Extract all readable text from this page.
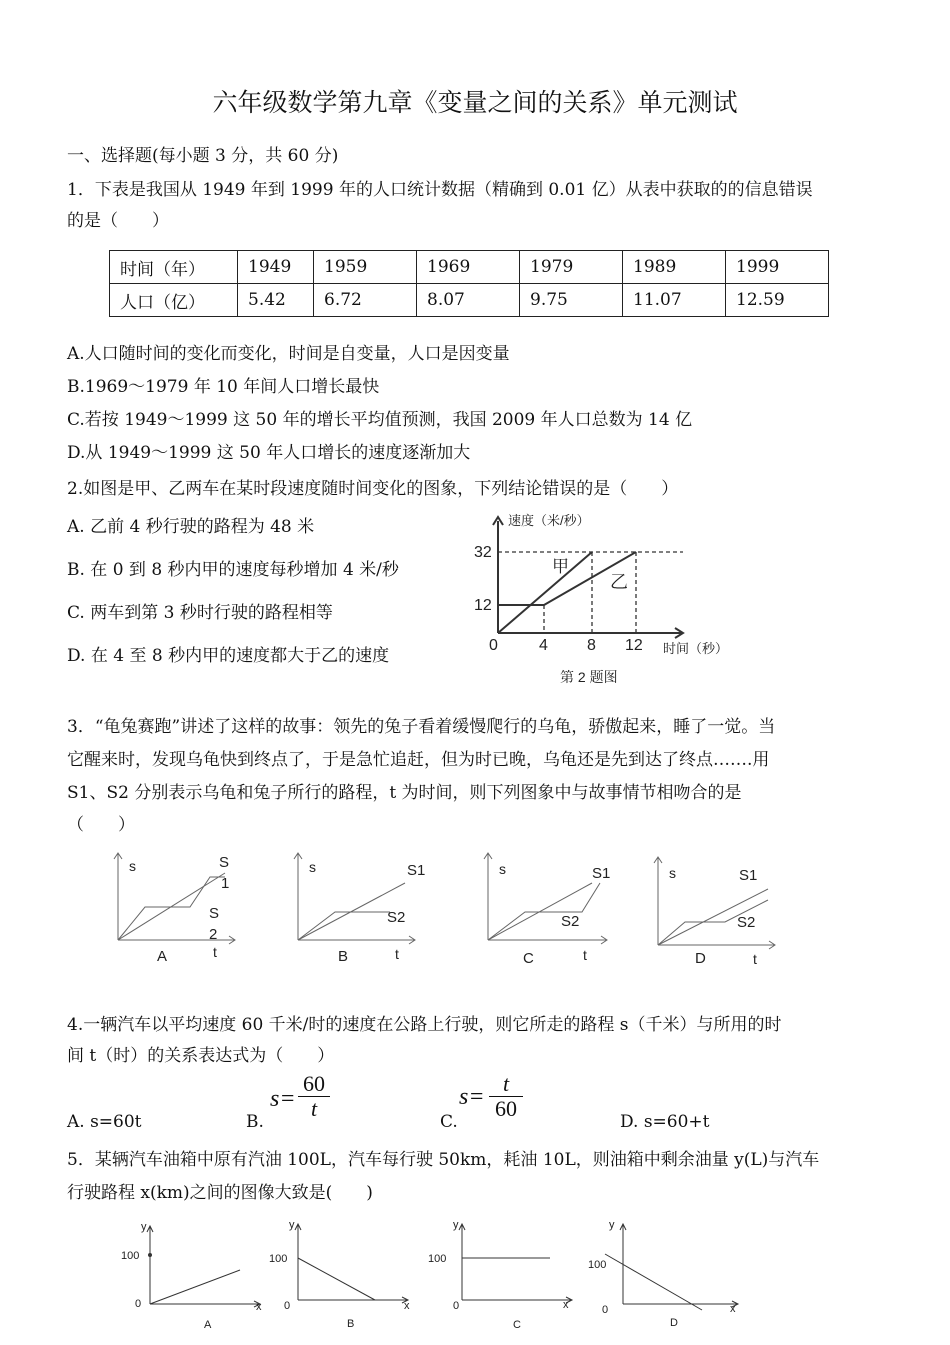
六年级数学第九章《变量之间的关系》单元测试
一、选择题(每小题 3 分，共 60 分)
1．下表是我国从 1949 年到 1999 年的人口统计数据（精确到 0.01 亿）从表中获取的的信息错误
的是（　　）
时间（年）	1949	1959	1969	1979	1989	1999
人口（亿）	5.42	6.72	8.07	9.75	11.07	12.59
A.人口随时间的变化而变化，时间是自变量，人口是因变量
B.1969～1979 年 10 年间人口增长最快
C.若按 1949～1999 这 50 年的增长平均值预测，我国 2009 年人口总数为 14 亿
D.从 1949～1999 这 50 年人口增长的速度逐渐加大
2.如图是甲、乙两车在某时段速度随时间变化的图象，下列结论错误的是（　　）
A. 乙前 4 秒行驶的路程为 48 米
B. 在 0 到 8 秒内甲的速度每秒增加 4 米/秒
C. 两车到第 3 秒时行驶的路程相等
D. 在 4 至 8 秒内甲的速度都大于乙的速度
速度（米/秒）
时间（秒）
0	4 8 12
12
32
甲
乙
第 2 题图
3．“龟兔赛跑”讲述了这样的故事：领先的兔子看着缓慢爬行的乌龟，骄傲起来，睡了一觉。当
它醒来时，发现乌龟快到终点了，于是急忙追赶，但为时已晚，乌龟还是先到达了终点…….用
S1、S2 分别表示乌龟和兔子所行的路程，t 为时间，则下列图象中与故事情节相吻合的是
（　　）
s
t
A
S
1
S
2
s
t
B
S1
S2
s
t
C
S1
S2
s
t
D
S1
S2
4.一辆汽车以平均速度 60 千米/时的速度在公路上行驶，则它所走的路程 s（千米）与所用的时
间 t（时）的关系表达式为（　　）
A. s=60t	B.
s=
60
t
C.
s=
t
60
D. s=60+t
5．某辆汽车油箱中原有汽油 100L，汽车每行驶 50km，耗油 10L，则油箱中剩余油量 y(L)与汽车
行驶路程 x(km)之间的图像大致是(　　)
y
100
0	x
A
y
100
0	x
B
y
100
0	x
C
y
100
0	x
D
